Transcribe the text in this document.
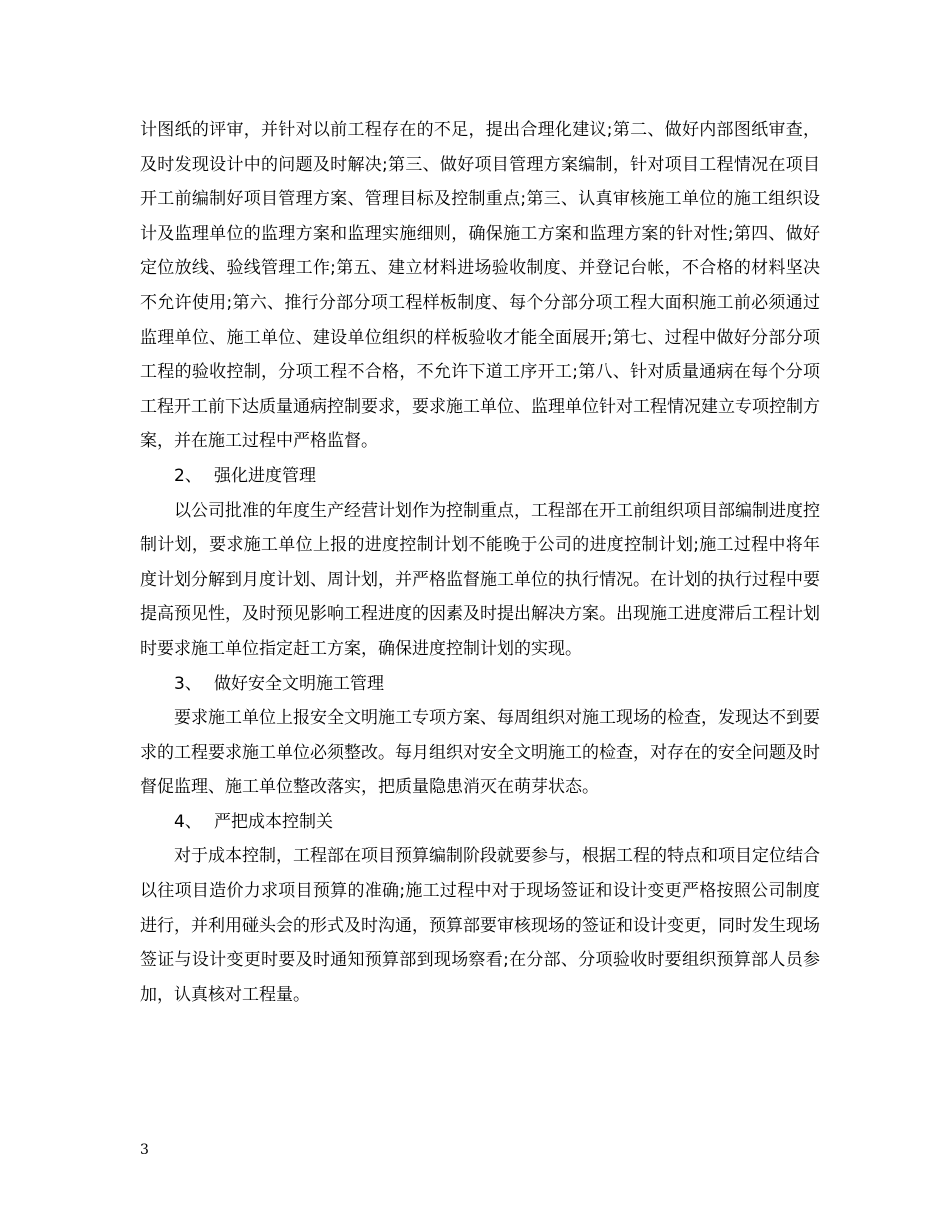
计图纸的评审，并针对以前工程存在的不足，提出合理化建议;第二、做好内部图纸审查，及时发现设计中的问题及时解决;第三、做好项目管理方案编制，针对项目工程情况在项目开工前编制好项目管理方案、管理目标及控制重点;第三、认真审核施工单位的施工组织设计及监理单位的监理方案和监理实施细则，确保施工方案和监理方案的针对性;第四、做好定位放线、验线管理工作;第五、建立材料进场验收制度、并登记台帐，不合格的材料坚决不允许使用;第六、推行分部分项工程样板制度、每个分部分项工程大面积施工前必须通过监理单位、施工单位、建设单位组织的样板验收才能全面展开;第七、过程中做好分部分项工程的验收控制，分项工程不合格，不允许下道工序开工;第八、针对质量通病在每个分项工程开工前下达质量通病控制要求，要求施工单位、监理单位针对工程情况建立专项控制方案，并在施工过程中严格监督。

2、 强化进度管理

以公司批准的年度生产经营计划作为控制重点，工程部在开工前组织项目部编制进度控制计划，要求施工单位上报的进度控制计划不能晚于公司的进度控制计划;施工过程中将年度计划分解到月度计划、周计划，并严格监督施工单位的执行情况。在计划的执行过程中要提高预见性，及时预见影响工程进度的因素及时提出解决方案。出现施工进度滞后工程计划时要求施工单位指定赶工方案，确保进度控制计划的实现。

3、 做好安全文明施工管理

要求施工单位上报安全文明施工专项方案、每周组织对施工现场的检查，发现达不到要求的工程要求施工单位必须整改。每月组织对安全文明施工的检查，对存在的安全问题及时督促监理、施工单位整改落实，把质量隐患消灭在萌芽状态。

4、 严把成本控制关

对于成本控制，工程部在项目预算编制阶段就要参与，根据工程的特点和项目定位结合以往项目造价力求项目预算的准确;施工过程中对于现场签证和设计变更严格按照公司制度进行，并利用碰头会的形式及时沟通，预算部要审核现场的签证和设计变更，同时发生现场签证与设计变更时要及时通知预算部到现场察看;在分部、分项验收时要组织预算部人员参加，认真核对工程量。

3
